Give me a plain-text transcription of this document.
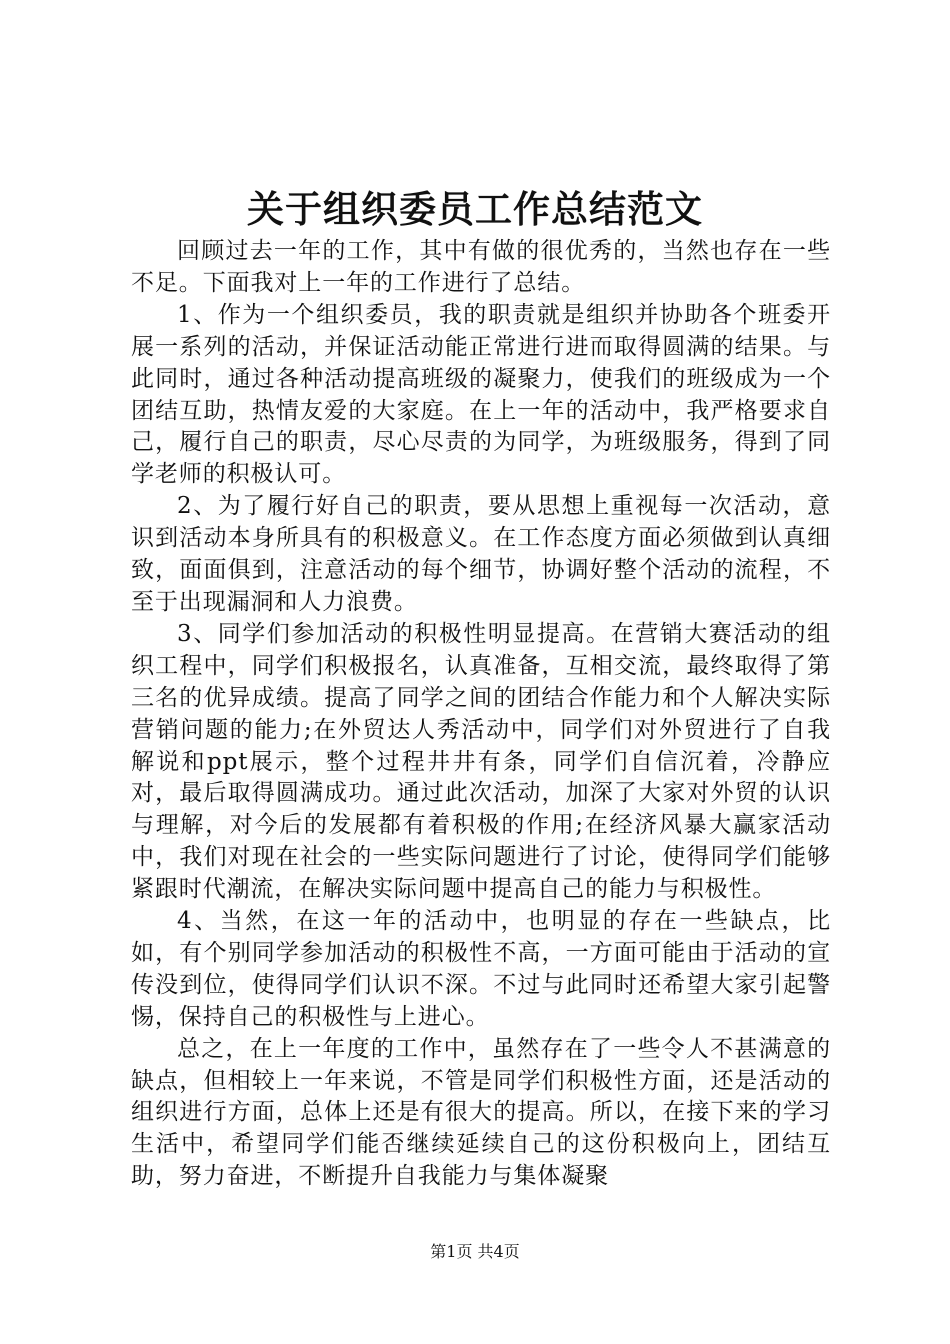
关于组织委员工作总结范文

回顾过去一年的工作，其中有做的很优秀的，当然也存在一些不足。下面我对上一年的工作进行了总结。

1、作为一个组织委员，我的职责就是组织并协助各个班委开展一系列的活动，并保证活动能正常进行进而取得圆满的结果。与此同时，通过各种活动提高班级的凝聚力，使我们的班级成为一个团结互助，热情友爱的大家庭。在上一年的活动中，我严格要求自己，履行自己的职责，尽心尽责的为同学，为班级服务，得到了同学老师的积极认可。

2、为了履行好自己的职责，要从思想上重视每一次活动，意识到活动本身所具有的积极意义。在工作态度方面必须做到认真细致，面面俱到，注意活动的每个细节，协调好整个活动的流程，不至于出现漏洞和人力浪费。

3、同学们参加活动的积极性明显提高。在营销大赛活动的组织工程中，同学们积极报名，认真准备，互相交流，最终取得了第三名的优异成绩。提高了同学之间的团结合作能力和个人解决实际营销问题的能力;在外贸达人秀活动中，同学们对外贸进行了自我解说和ppt展示，整个过程井井有条，同学们自信沉着，冷静应对，最后取得圆满成功。通过此次活动，加深了大家对外贸的认识与理解，对今后的发展都有着积极的作用;在经济风暴大赢家活动中，我们对现在社会的一些实际问题进行了讨论，使得同学们能够紧跟时代潮流，在解决实际问题中提高自己的能力与积极性。

4、当然，在这一年的活动中，也明显的存在一些缺点，比如，有个别同学参加活动的积极性不高，一方面可能由于活动的宣传没到位，使得同学们认识不深。不过与此同时还希望大家引起警惕，保持自己的积极性与上进心。

总之，在上一年度的工作中，虽然存在了一些令人不甚满意的缺点，但相较上一年来说，不管是同学们积极性方面，还是活动的组织进行方面，总体上还是有很大的提高。所以，在接下来的学习生活中，希望同学们能否继续延续自己的这份积极向上，团结互助，努力奋进，不断提升自我能力与集体凝聚

第1页 共4页
